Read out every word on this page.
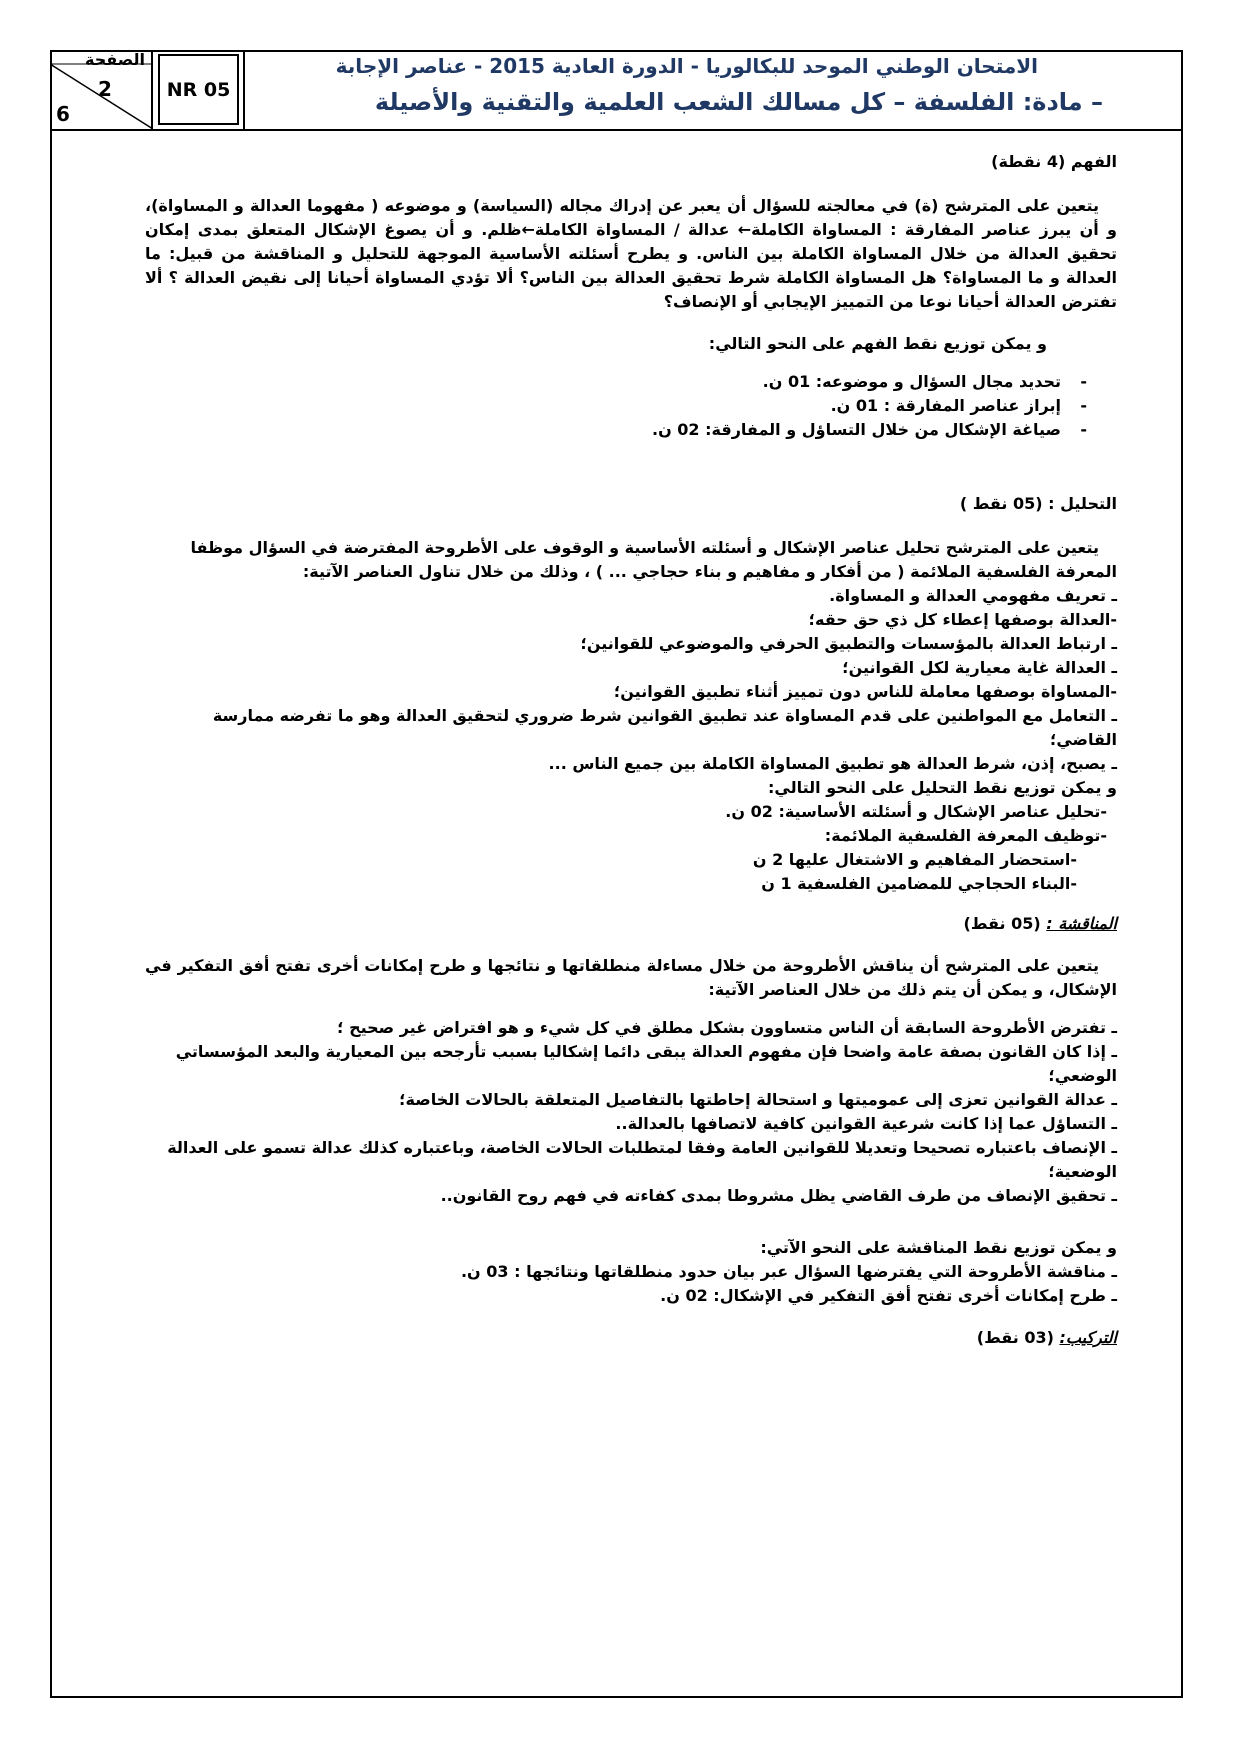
الصفحة
2
6
NR 05
الامتحان الوطني الموحد للبكالوريا - الدورة العادية 2015 - عناصر الإجابة
– مادة: الفلسفة – كل مسالك الشعب العلمية والتقنية والأصيلة

الفهم (4 نقطة)

يتعين على المترشح (ة) في معالجته للسؤال أن يعبر عن إدراك مجاله (السياسة) و موضوعه ( مفهوما العدالة و المساواة)، و أن يبرز عناصر المفارقة : المساواة الكاملة← عدالة / المساواة الكاملة←ظلم. و أن يصوغ الإشكال المتعلق بمدى إمكان تحقيق العدالة من خلال المساواة الكاملة بين الناس. و يطرح أسئلته الأساسية الموجهة للتحليل و المناقشة من قبيل: ما العدالة و ما المساواة؟ هل المساواة الكاملة شرط تحقيق العدالة بين الناس؟ ألا تؤدي المساواة أحيانا إلى نقيض العدالة ؟ ألا تفترض العدالة أحيانا نوعا من التمييز الإيجابي أو الإنصاف؟

و يمكن توزيع نقط الفهم على النحو التالي:

- تحديد مجال السؤال و موضوعه: 01 ن.
- إبراز عناصر المفارقة : 01 ن.
- صياغة الإشكال من خلال التساؤل و المفارقة: 02 ن.

التحليل : (05 نقط )

يتعين على المترشح تحليل عناصر الإشكال و أسئلته الأساسية و الوقوف على الأطروحة المفترضة في السؤال موظفا المعرفة الفلسفية الملائمة ( من أفكار و مفاهيم و بناء حجاجي ... ) ، وذلك من خلال تناول العناصر الآتية:

ـ تعريف مفهومي العدالة و المساواة.
-العدالة بوصفها إعطاء كل ذي حق حقه؛
ـ ارتباط العدالة بالمؤسسات والتطبيق الحرفي والموضوعي للقوانين؛
ـ العدالة غاية معيارية لكل القوانين؛
-المساواة بوصفها معاملة للناس دون تمييز أثناء تطبيق القوانين؛
ـ التعامل مع المواطنين على قدم المساواة عند تطبيق القوانين شرط ضروري لتحقيق العدالة وهو ما تفرضه ممارسة القاضي؛
ـ يصبح، إذن، شرط العدالة هو تطبيق المساواة الكاملة بين جميع الناس ...

و يمكن توزيع نقط التحليل على النحو التالي:

-تحليل عناصر الإشكال و أسئلته الأساسية: 02 ن.

-توظيف المعرفة الفلسفية الملائمة:

-استحضار المفاهيم و الاشتغال عليها 2 ن

-البناء الحجاجي للمضامين الفلسفية 1 ن

المناقشة : (05 نقط)

يتعين على المترشح أن يناقش الأطروحة من خلال مساءلة منطلقاتها و نتائجها و طرح إمكانات أخرى تفتح أفق التفكير في الإشكال، و يمكن أن يتم ذلك من خلال العناصر الآتية:

ـ تفترض الأطروحة السابقة أن الناس متساوون بشكل مطلق في كل شيء و هو افتراض غير صحيح ؛
ـ إذا كان القانون بصفة عامة واضحا فإن مفهوم العدالة يبقى دائما إشكاليا بسبب تأرجحه بين المعيارية والبعد المؤسساتي الوضعي؛
ـ عدالة القوانين تعزى إلى عموميتها و استحالة إحاطتها بالتفاصيل المتعلقة بالحالات الخاصة؛
ـ التساؤل عما إذا كانت شرعية القوانين كافية لاتصافها بالعدالة..
ـ الإنصاف باعتباره تصحيحا وتعديلا للقوانين العامة وفقا لمتطلبات الحالات الخاصة، وباعتباره كذلك عدالة تسمو على العدالة الوضعية؛
ـ تحقيق الإنصاف من طرف القاضي يظل مشروطا بمدى كفاءته في فهم روح القانون..

و يمكن توزيع نقط المناقشة على النحو الآتي:

ـ مناقشة الأطروحة التي يفترضها السؤال عبر بيان حدود منطلقاتها ونتائجها : 03 ن.

ـ طرح إمكانات أخرى تفتح أفق التفكير في الإشكال: 02 ن.

التركيب: (03 نقط)
